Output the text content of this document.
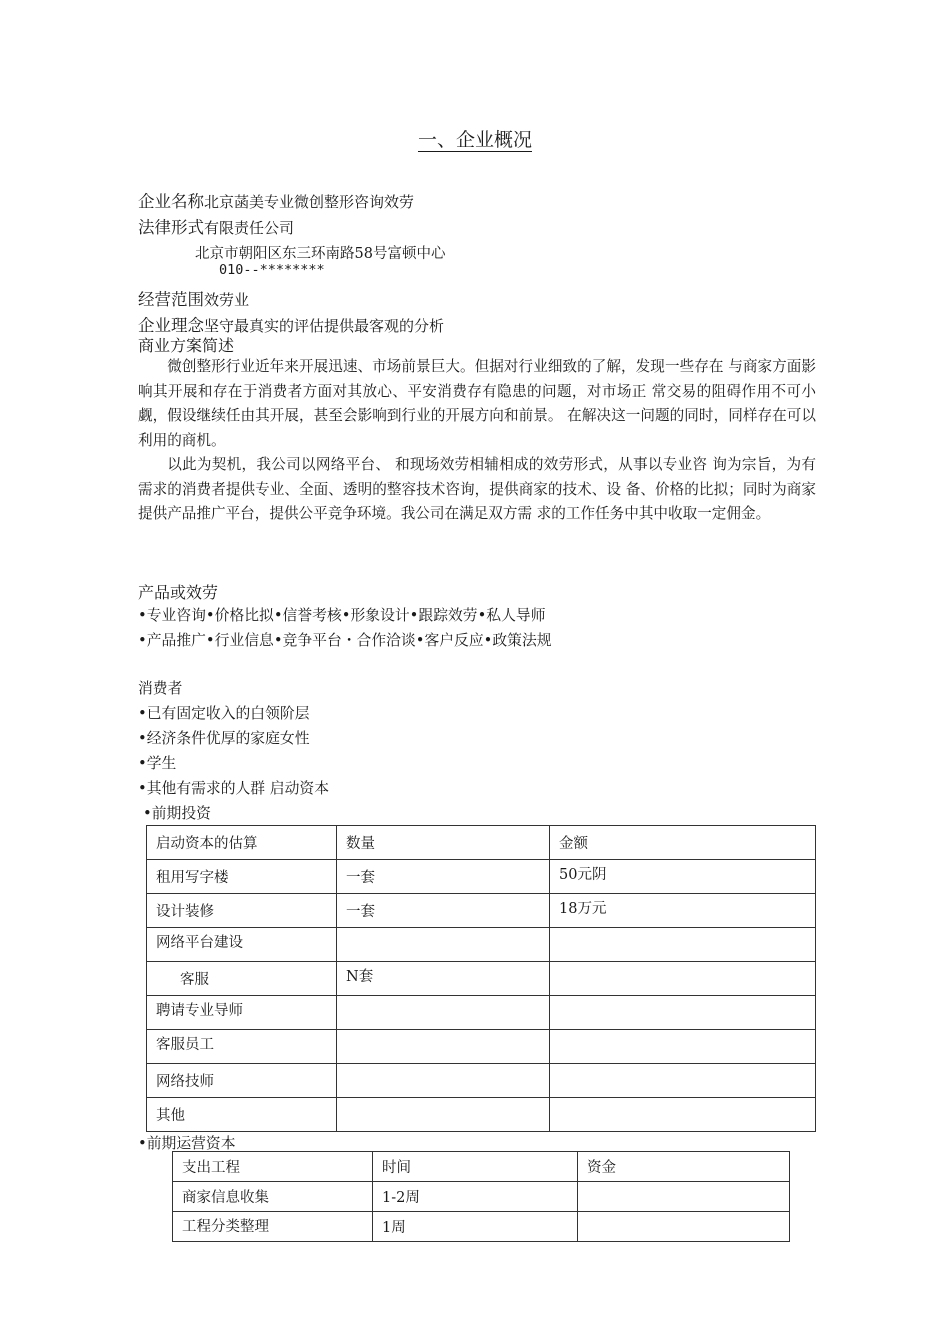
一、企业概况
企业名称北京菡美专业微创整形咨询效劳
法律形式有限责任公司
北京市朝阳区东三环南路58号富顿中心
010--********
经营范围效劳业
企业理念坚守最真实的评估提供最客观的分析
商业方案简述
微创整形行业近年来开展迅速、市场前景巨大。但据对行业细致的了解，发现一些存在 与商家方面影响其开展和存在于消费者方面对其放心、平安消费存有隐患的问题，对市场正 常交易的阻碍作用不可小觑，假设继续任由其开展，甚至会影响到行业的开展方向和前景。 在解决这一问题的同时，同样存在可以利用的商机。
以此为契机，我公司以网络平台、 和现场效劳相辅相成的效劳形式，从事以专业咨 询为宗旨，为有需求的消费者提供专业、全面、透明的整容技术咨询，提供商家的技术、设 备、价格的比拟；同时为商家提供产品推广平台，提供公平竞争环境。我公司在满足双方需 求的工作任务中其中收取一定佣金。
产品或效劳
•专业咨询•价格比拟•信誉考核•形象设计•跟踪效劳•私人导师
•产品推广•行业信息•竞争平台・合作洽谈•客户反应•政策法规
消费者
•已有固定收入的白领阶层
•经济条件优厚的家庭女性
•学生
•其他有需求的人群 启动资本
•前期投资
启动资本的估算	数量	金额
租用写字楼	一套	50元阴
设计装修	一套	18万元
网络平台建设		
客服	N套	
聘请专业导师		
客服员工		
网络技师		
其他		
•前期运营资本
支出工程	时间	资金
商家信息收集	1-2周	
工程分类整理	1周	
